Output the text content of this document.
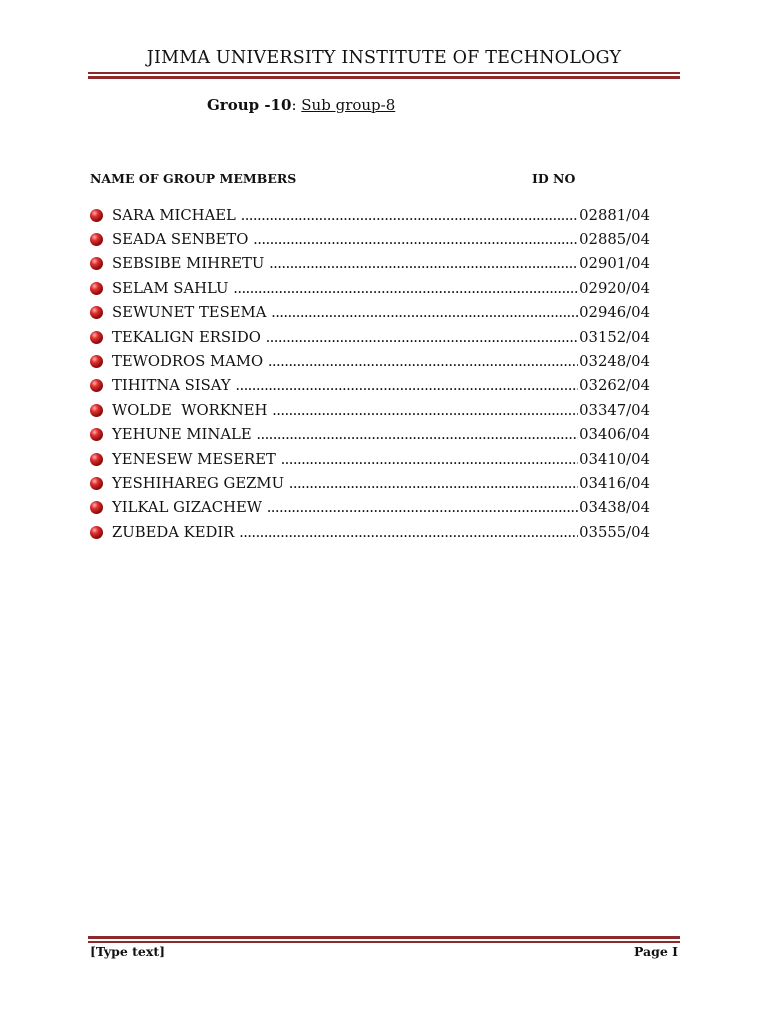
JIMMA UNIVERSITY INSTITUTE OF TECHNOLOGY
Group -10: Sub group-8
NAME OF GROUP MEMBERS	ID NO
SARA MICHAEL .....	02881/04
SEADA SENBETO .....	02885/04
SEBSIBE MIHRETU .....	02901/04
SELAM SAHLU .....	02920/04
SEWUNET TESEMA .....	02946/04
TEKALIGN ERSIDO .....	03152/04
TEWODROS MAMO .....	03248/04
TIHITNA SISAY .....	03262/04
WOLDE  WORKNEH .....	03347/04
YEHUNE MINALE .....	03406/04
YENESEW MESERET .....	03410/04
YESHIHAREG GEZMU .....	03416/04
YILKAL GIZACHEW .....	03438/04
ZUBEDA KEDIR .....	03555/04
[Type text]	Page I
